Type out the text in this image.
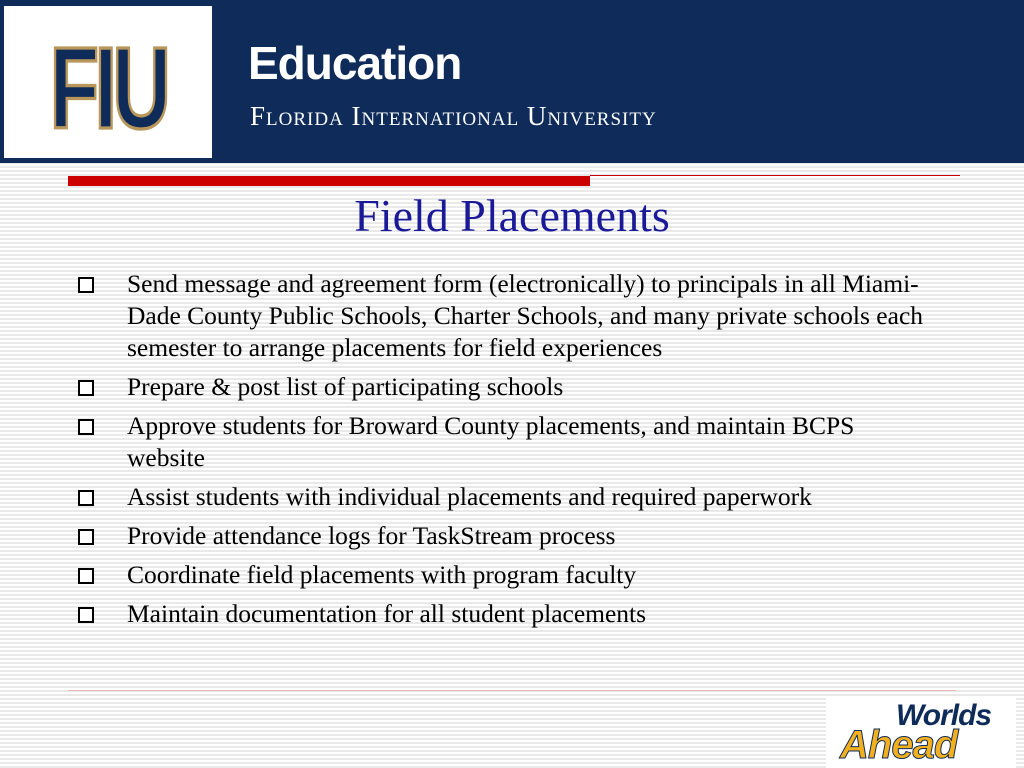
FIU	Education
Florida International University
Field Placements
Send message and agreement form (electronically) to principals in all Miami-Dade County Public Schools, Charter Schools, and many private schools each semester to arrange placements for field experiences
Prepare & post list of participating schools
Approve students for Broward County placements, and maintain BCPS website
Assist students with individual placements and required paperwork
Provide attendance logs for TaskStream process
Coordinate field placements with program faculty
Maintain documentation for all student placements
Worlds
Ahead
